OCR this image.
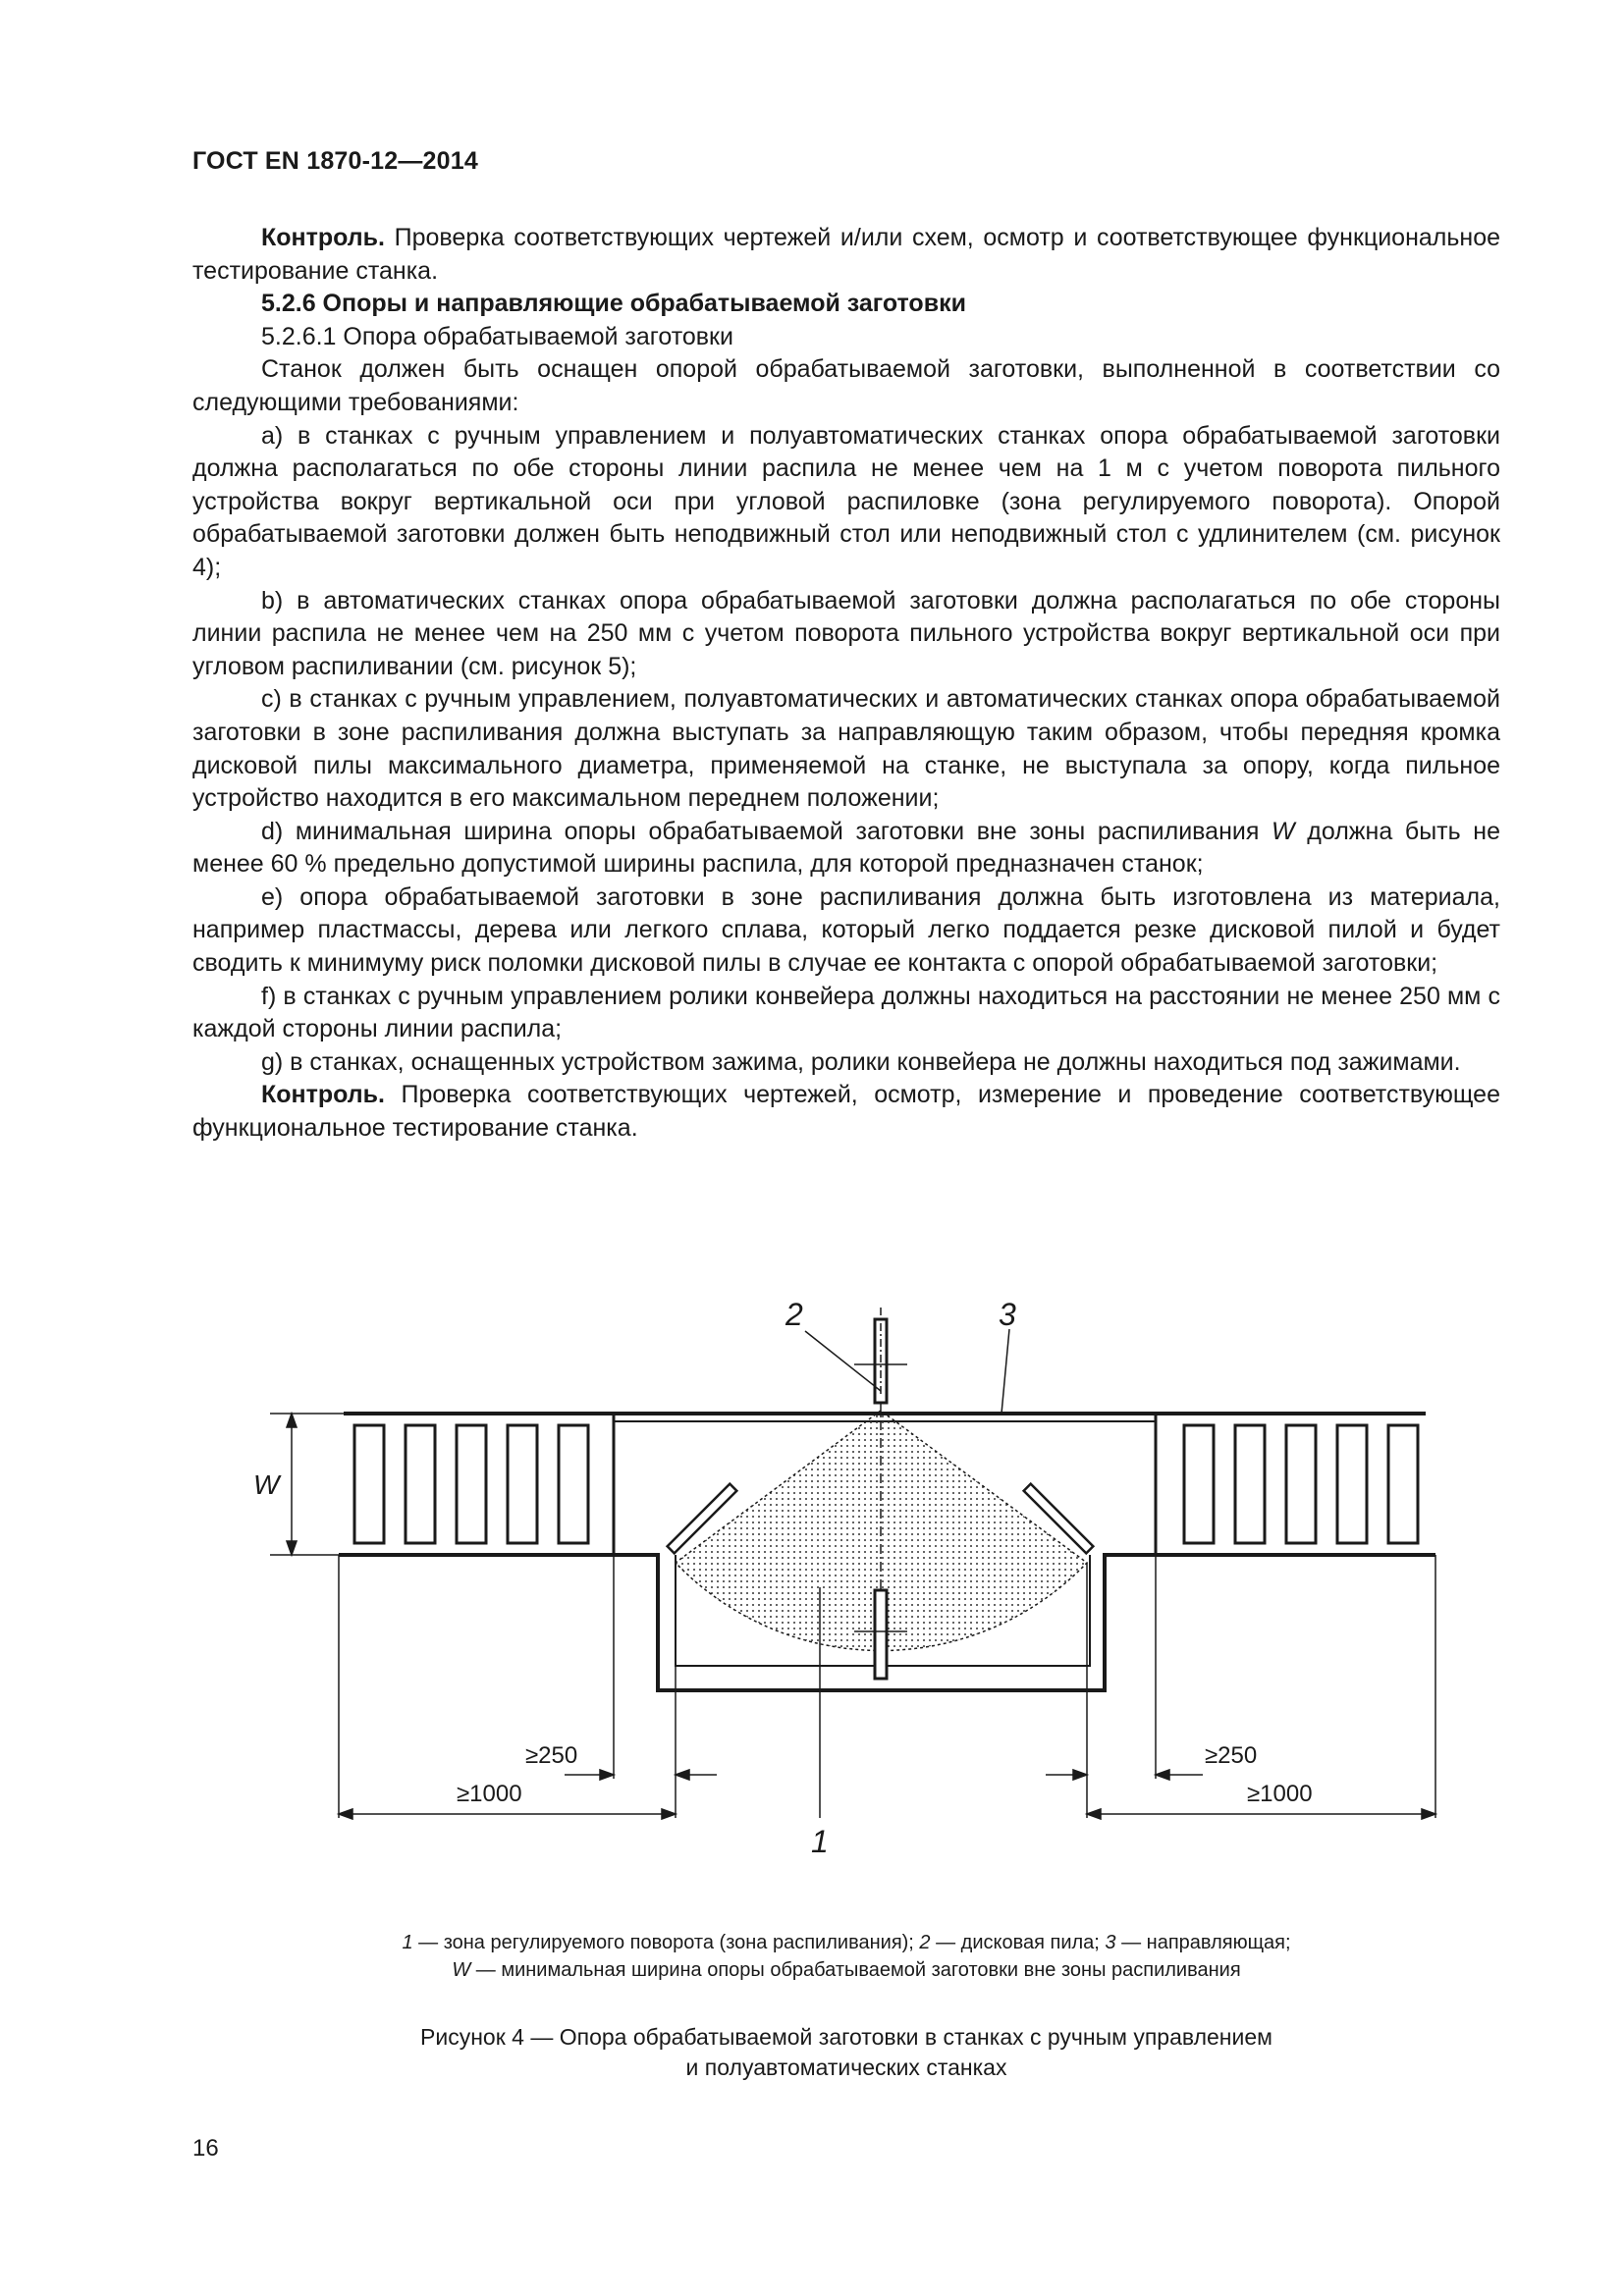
ГОСТ EN 1870-12—2014

Контроль. Проверка соответствующих чертежей и/или схем, осмотр и соответствующее функциональное тестирование станка.

5.2.6 Опоры и направляющие обрабатываемой заготовки

5.2.6.1 Опора обрабатываемой заготовки

Станок должен быть оснащен опорой обрабатываемой заготовки, выполненной в соответствии со следующими требованиями:

a) в станках с ручным управлением и полуавтоматических станках опора обрабатываемой заготовки должна располагаться по обе стороны линии распила не менее чем на 1 м с учетом поворота пильного устройства вокруг вертикальной оси при угловой распиловке (зона регулируемого поворота). Опорой обрабатываемой заготовки должен быть неподвижный стол или неподвижный стол с удлинителем (см. рисунок 4);

b) в автоматических станках опора обрабатываемой заготовки должна располагаться по обе стороны линии распила не менее чем на 250 мм с учетом поворота пильного устройства вокруг вертикальной оси при угловом распиливании (см. рисунок 5);

c) в станках с ручным управлением, полуавтоматических и автоматических станках опора обрабатываемой заготовки в зоне распиливания должна выступать за направляющую таким образом, чтобы передняя кромка дисковой пилы максимального диаметра, применяемой на станке, не выступала за опору, когда пильное устройство находится в его максимальном переднем положении;

d) минимальная ширина опоры обрабатываемой заготовки вне зоны распиливания W должна быть не менее 60 % предельно допустимой ширины распила, для которой предназначен станок;

e) опора обрабатываемой заготовки в зоне распиливания должна быть изготовлена из материала, например пластмассы, дерева или легкого сплава, который легко поддается резке дисковой пилой и будет сводить к минимуму риск поломки дисковой пилы в случае ее контакта с опорой обрабатываемой заготовки;

f) в станках с ручным управлением ролики конвейера должны находиться на расстоянии не менее 250 мм с каждой стороны линии распила;

g) в станках, оснащенных устройством зажима, ролики конвейера не должны находиться под зажимами.

Контроль. Проверка соответствующих чертежей, осмотр, измерение и проведение соответствующее функциональное тестирование станка.

2	3
1
W
≥250
≥1000
≥250
≥1000
1 — зона регулируемого поворота (зона распиливания); 2 — дисковая пила; 3 — направляющая;
W — минимальная ширина опоры обрабатываемой заготовки вне зоны распиливания
Рисунок 4 — Опора обрабатываемой заготовки в станках с ручным управлением
и полуавтоматических станках
16
